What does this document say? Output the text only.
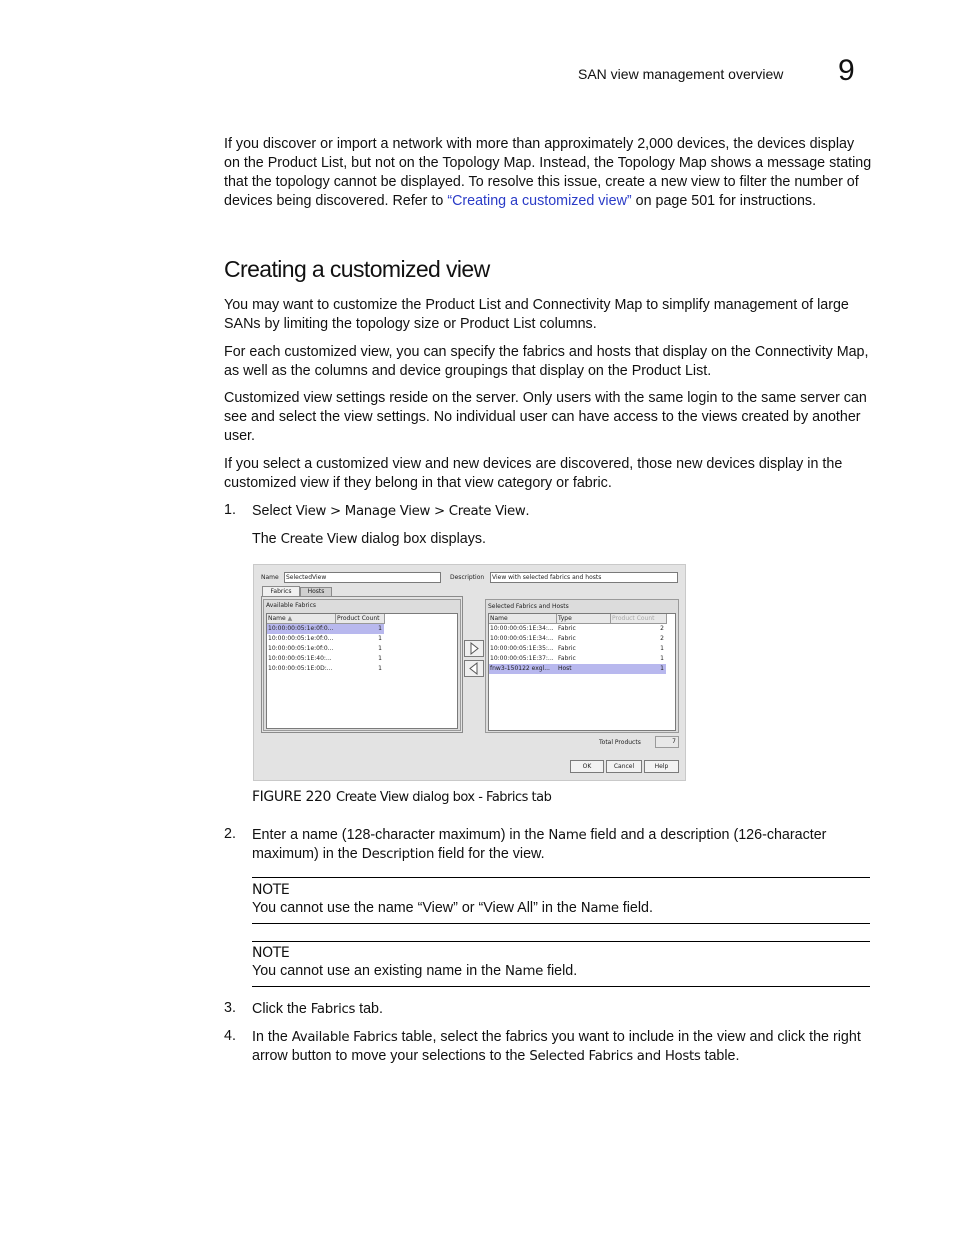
SAN view management overview 9
If you discover or import a network with more than approximately 2,000 devices, the devices display on the Product List, but not on the Topology Map. Instead, the Topology Map shows a message stating that the topology cannot be displayed. To resolve this issue, create a new view to filter the number of devices being discovered. Refer to “Creating a customized view” on page 501 for instructions.
Creating a customized view
You may want to customize the Product List and Connectivity Map to simplify management of large SANs by limiting the topology size or Product List columns.
For each customized view, you can specify the fabrics and hosts that display on the Connectivity Map, as well as the columns and device groupings that display on the Product List.
Customized view settings reside on the server. Only users with the same login to the same server can see and select the view settings. No individual user can have access to the views created by another user.
If you select a customized view and new devices are discovered, those new devices display in the customized view if they belong in that view category or fabric.
1. Select View > Manage View > Create View.
The Create View dialog box displays.
Name	SelectedView	Description	View with selected fabrics and hosts
Fabrics	Hosts
Available Fabrics
Name ▲	Product Count
10:00:00:05:1e:0f:0...	1
10:00:00:05:1e:0f:0...	1
10:00:00:05:1e:0f:0...	1
10:00:00:05:1E:40:...	1
10:00:00:05:1E:0D:...	1
Selected Fabrics and Hosts
Name	Type	Product Count
10:00:00:05:1E:34:... Fabric	2
10:00:00:05:1E:34:... Fabric	2
10:00:00:05:1E:35:... Fabric	1
10:00:00:05:1E:37:... Fabric	1
fnw3-150122 exgl... Host	1
Total Products	7
OK	Cancel	Help
FIGURE 220 Create View dialog box - Fabrics tab
2. Enter a name (128-character maximum) in the Name field and a description (126-character maximum) in the Description field for the view.
NOTE
You cannot use the name “View” or “View All” in the Name field.
NOTE
You cannot use an existing name in the Name field.
3. Click the Fabrics tab.
4. In the Available Fabrics table, select the fabrics you want to include in the view and click the right arrow button to move your selections to the Selected Fabrics and Hosts table.
